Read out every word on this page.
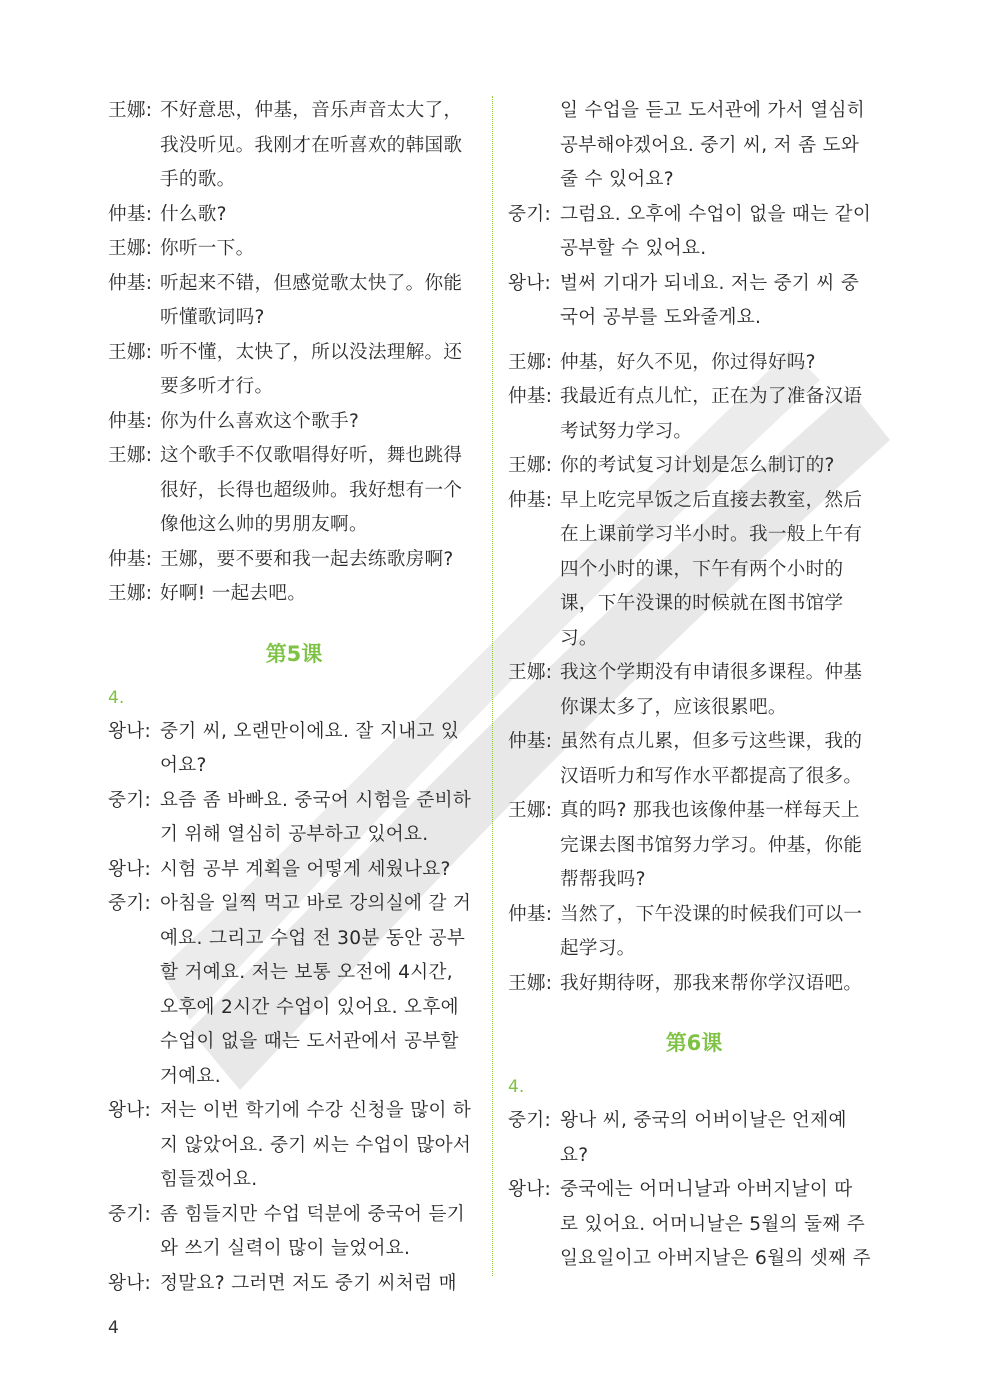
王娜: 不好意思，仲基，音乐声音太大了，
我没听见。我刚才在听喜欢的韩国歌
手的歌。
仲基: 什么歌?
王娜: 你听一下。
仲基: 听起来不错，但感觉歌太快了。你能
听懂歌词吗?
王娜: 听不懂，太快了，所以没法理解。还
要多听才行。
仲基: 你为什么喜欢这个歌手?
王娜: 这个歌手不仅歌唱得好听，舞也跳得
很好，长得也超级帅。我好想有一个
像他这么帅的男朋友啊。
仲基: 王娜，要不要和我一起去练歌房啊?
王娜: 好啊! 一起去吧。
第5课
4.
왕나: 중기 씨, 오랜만이에요. 잘 지내고 있
어요?
중기: 요즘 좀 바빠요. 중국어 시험을 준비하
기 위해 열심히 공부하고 있어요.
왕나: 시험 공부 계획을 어떻게 세웠나요?
중기: 아침을 일찍 먹고 바로 강의실에 갈 거
예요. 그리고 수업 전 30분 동안 공부
할 거예요. 저는 보통 오전에 4시간,
오후에 2시간 수업이 있어요. 오후에
수업이 없을 때는 도서관에서 공부할
거예요.
왕나: 저는 이번 학기에 수강 신청을 많이 하
지 않았어요. 중기 씨는 수업이 많아서
힘들겠어요.
중기: 좀 힘들지만 수업 덕분에 중국어 듣기
와 쓰기 실력이 많이 늘었어요.
왕나: 정말요? 그러면 저도 중기 씨처럼 매
일 수업을 듣고 도서관에 가서 열심히
공부해야겠어요. 중기 씨, 저 좀 도와
줄 수 있어요?
중기: 그럼요. 오후에 수업이 없을 때는 같이
공부할 수 있어요.
왕나: 벌써 기대가 되네요. 저는 중기 씨 중
국어 공부를 도와줄게요.
王娜: 仲基，好久不见，你过得好吗?
仲基: 我最近有点儿忙，正在为了准备汉语
考试努力学习。
王娜: 你的考试复习计划是怎么制订的?
仲基: 早上吃完早饭之后直接去教室，然后
在上课前学习半小时。我一般上午有
四个小时的课，下午有两个小时的
课，下午没课的时候就在图书馆学
习。
王娜: 我这个学期没有申请很多课程。仲基
你课太多了，应该很累吧。
仲基: 虽然有点儿累，但多亏这些课，我的
汉语听力和写作水平都提高了很多。
王娜: 真的吗? 那我也该像仲基一样每天上
完课去图书馆努力学习。仲基，你能
帮帮我吗?
仲基: 当然了，下午没课的时候我们可以一
起学习。
王娜: 我好期待呀，那我来帮你学汉语吧。
第6课
4.
중기: 왕나 씨, 중국의 어버이날은 언제예
요?
왕나: 중국에는 어머니날과 아버지날이 따
로 있어요. 어머니날은 5월의 둘째 주
일요일이고 아버지날은 6월의 셋째 주
4
